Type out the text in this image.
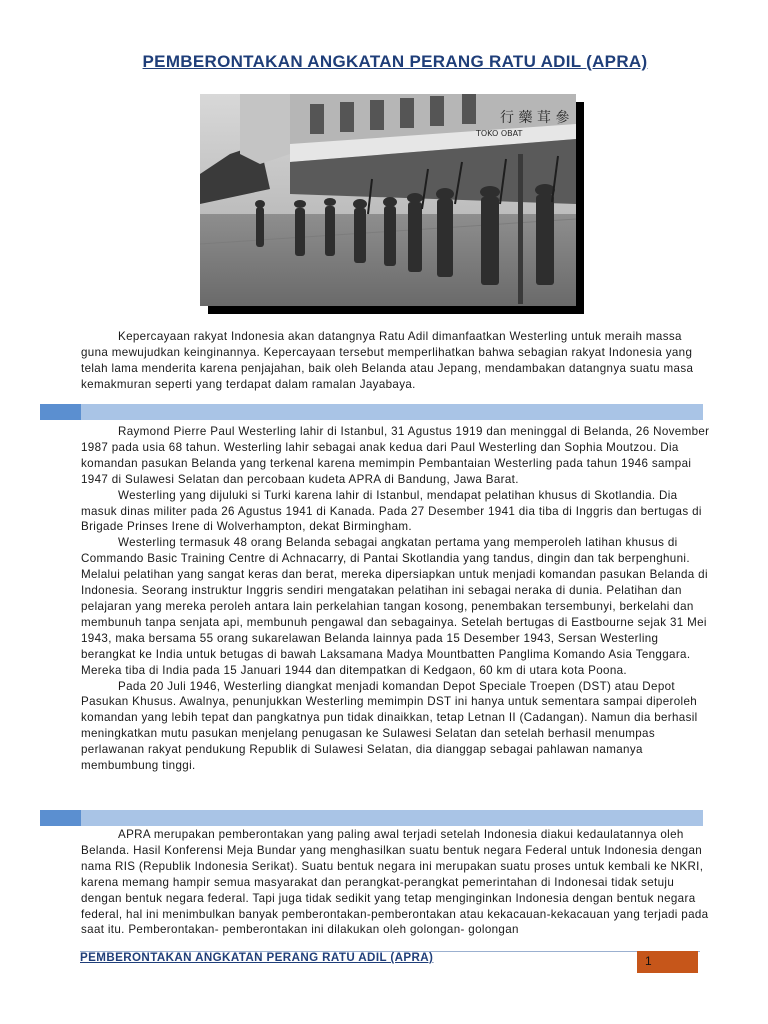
PEMBERONTAKAN ANGKATAN PERANG RATU ADIL (APRA)
行 藥 茸 參
TOKO OBAT

Kepercayaan rakyat Indonesia akan datangnya Ratu Adil dimanfaatkan Westerling untuk meraih massa guna mewujudkan keinginannya. Kepercayaan tersebut memperlihatkan bahwa sebagian rakyat Indonesia yang telah lama menderita karena penjajahan, baik oleh Belanda atau Jepang, mendambakan datangnya suatu masa kemakmuran seperti yang terdapat dalam ramalan Jayabaya.

Raymond Pierre Paul Westerling lahir di Istanbul, 31 Agustus 1919 dan meninggal di Belanda, 26 November 1987 pada usia 68 tahun. Westerling lahir sebagai anak kedua dari Paul Westerling dan Sophia Moutzou. Dia komandan pasukan Belanda yang terkenal karena memimpin Pembantaian Westerling pada tahun 1946 sampai 1947 di Sulawesi Selatan dan percobaan kudeta APRA di Bandung, Jawa Barat.

Westerling yang dijuluki si Turki karena lahir di Istanbul, mendapat pelatihan khusus di Skotlandia. Dia masuk dinas militer pada 26 Agustus 1941 di Kanada. Pada 27 Desember 1941 dia tiba di Inggris dan bertugas di Brigade Prinses Irene di Wolverhampton, dekat Birmingham.

Westerling termasuk 48 orang Belanda sebagai angkatan pertama yang memperoleh latihan khusus di Commando Basic Training Centre di Achnacarry, di Pantai Skotlandia yang tandus, dingin dan tak berpenghuni. Melalui pelatihan yang sangat keras dan berat, mereka dipersiapkan untuk menjadi komandan pasukan Belanda di Indonesia. Seorang instruktur Inggris sendiri mengatakan pelatihan ini sebagai neraka di dunia. Pelatihan dan pelajaran yang mereka peroleh antara lain perkelahian tangan kosong, penembakan tersembunyi, berkelahi dan membunuh tanpa senjata api, membunuh pengawal dan sebagainya. Setelah bertugas di Eastbourne sejak 31 Mei 1943, maka bersama 55 orang sukarelawan Belanda lainnya pada 15 Desember 1943, Sersan Westerling berangkat ke India untuk betugas di bawah Laksamana Madya Mountbatten Panglima Komando Asia Tenggara. Mereka tiba di India pada 15 Januari 1944 dan ditempatkan di Kedgaon, 60 km di utara kota Poona.

Pada 20 Juli 1946, Westerling diangkat menjadi komandan Depot Speciale Troepen (DST) atau Depot Pasukan Khusus. Awalnya, penunjukkan Westerling memimpin DST ini hanya untuk sementara sampai diperoleh komandan yang lebih tepat dan pangkatnya pun tidak dinaikkan, tetap Letnan II (Cadangan). Namun dia berhasil meningkatkan mutu pasukan menjelang penugasan ke Sulawesi Selatan dan setelah berhasil menumpas perlawanan rakyat pendukung Republik di Sulawesi Selatan, dia dianggap sebagai pahlawan namanya membumbung tinggi.

APRA merupakan pemberontakan yang paling awal terjadi setelah Indonesia diakui kedaulatannya oleh Belanda. Hasil Konferensi Meja Bundar yang menghasilkan suatu bentuk negara Federal untuk Indonesia dengan nama RIS (Republik Indonesia Serikat). Suatu bentuk negara ini merupakan suatu proses untuk kembali ke NKRI, karena memang hampir semua masyarakat dan perangkat-perangkat pemerintahan di Indonesai tidak setuju dengan bentuk negara federal. Tapi juga tidak sedikit yang tetap menginginkan Indonesia dengan bentuk negara federal, hal ini menimbulkan banyak pemberontakan-pemberontakan atau kekacauan-kekacauan yang terjadi pada saat itu. Pemberontakan- pemberontakan ini dilakukan oleh golongan- golongan

PEMBERONTAKAN ANGKATAN PERANG RATU ADIL (APRA)	1
